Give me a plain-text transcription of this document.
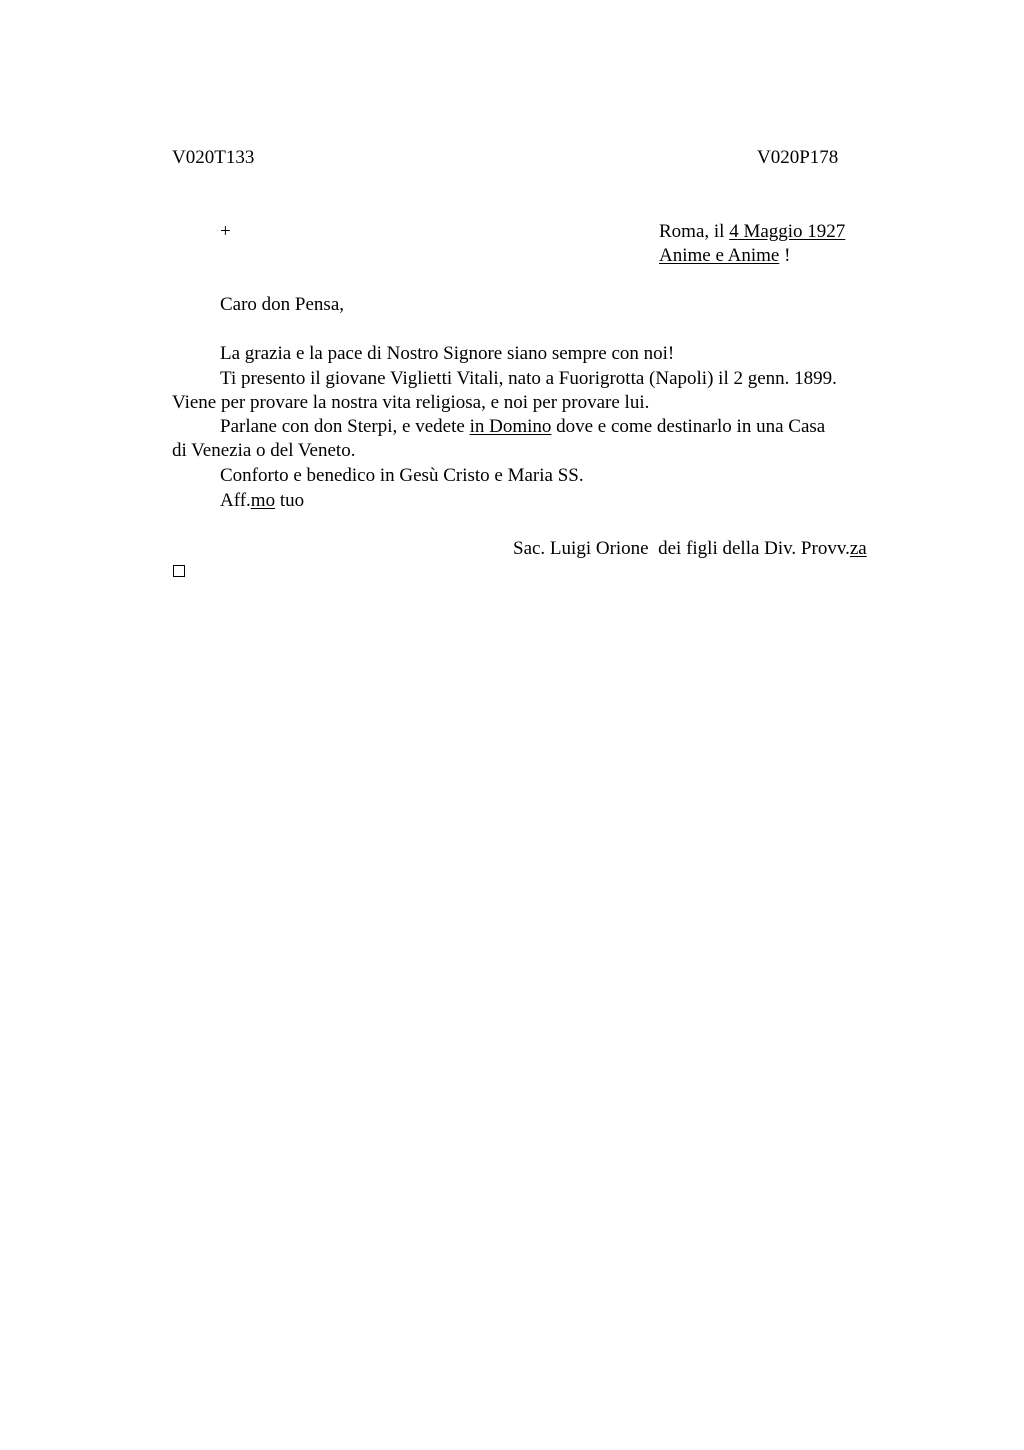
V020T133	V020P178
+	Roma, il 4 Maggio 1927
Anime e Anime !
Caro don Pensa,
La grazia e la pace di Nostro Signore siano sempre con noi!
Ti presento il giovane Viglietti Vitali, nato a Fuorigrotta (Napoli) il 2 genn. 1899.
Viene per provare la nostra vita religiosa, e noi per provare lui.
Parlane con don Sterpi, e vedete in Domino dove e come destinarlo in una Casa
di Venezia o del Veneto.
Conforto e benedico in Gesù Cristo e Maria SS.
Aff.mo tuo
Sac. Luigi Orione  dei figli della Div. Provv.za
